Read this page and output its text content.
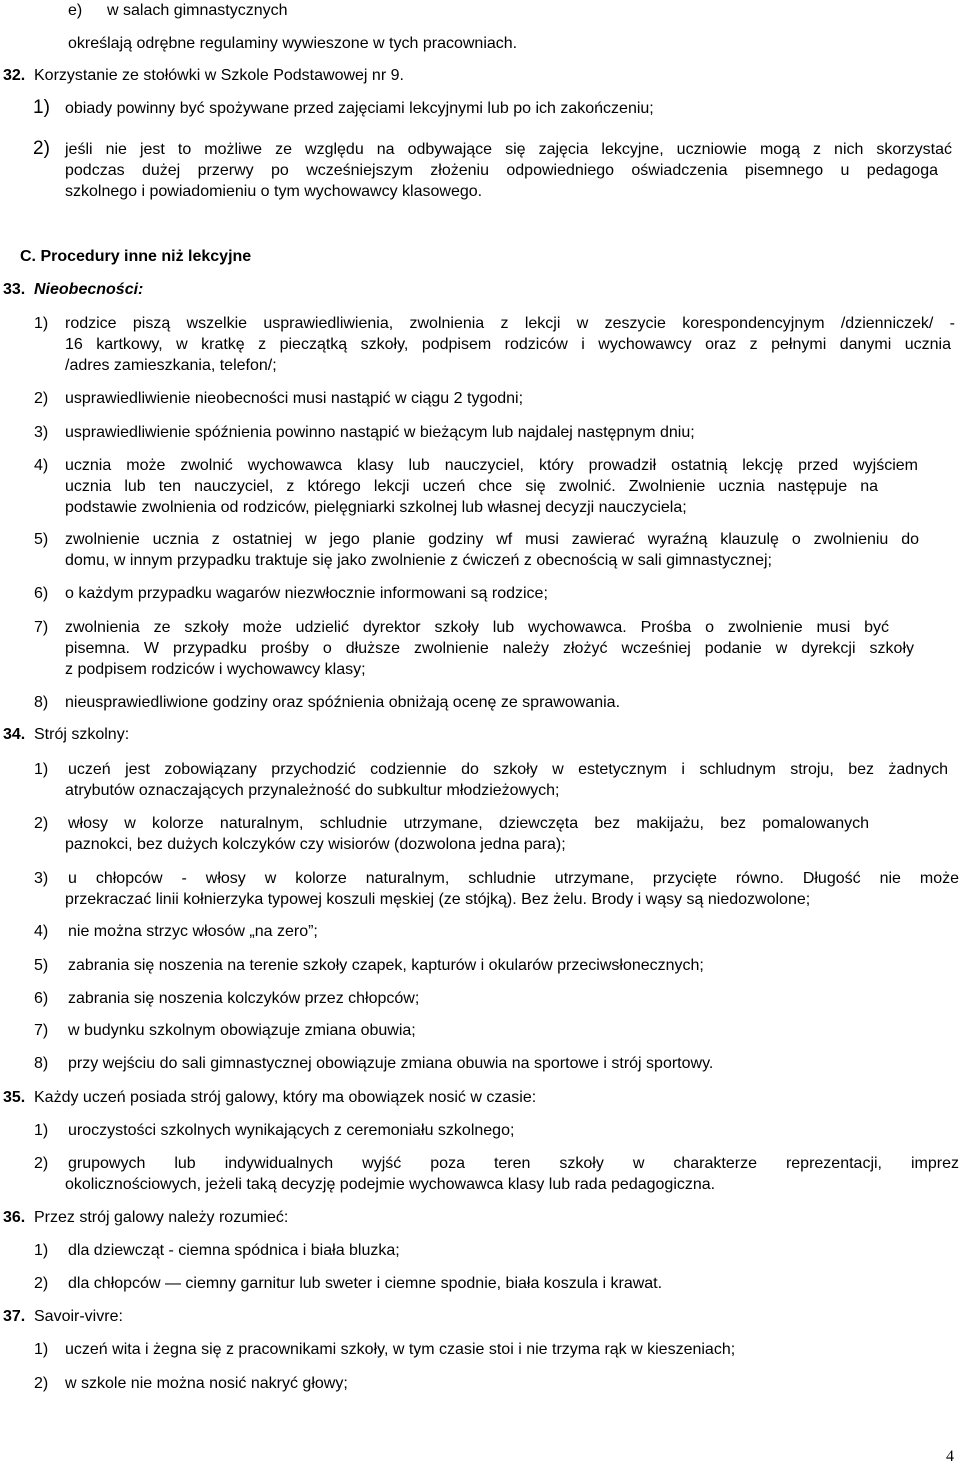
e) w salach gimnastycznych
określają odrębne regulaminy wywieszone w tych pracowniach.
32. Korzystanie ze stołówki w Szkole Podstawowej nr 9.
1) obiady powinny być spożywane przed zajęciami lekcyjnymi lub po ich zakończeniu;
2) jeśli nie jest to możliwe ze względu na odbywające się zajęcia lekcyjne, uczniowie mogą z nich skorzystać
podczas dużej przerwy po wcześniejszym złożeniu odpowiedniego oświadczenia pisemnego u pedagoga
szkolnego i powiadomieniu o tym wychowawcy klasowego.
C. Procedury inne niż lekcyjne
33. Nieobecności:
1) rodzice piszą wszelkie usprawiedliwienia, zwolnienia z lekcji w zeszycie korespondencyjnym /dzienniczek/ -
16 kartkowy, w kratkę z pieczątką szkoły, podpisem rodziców i wychowawcy oraz z pełnymi danymi ucznia
/adres zamieszkania, telefon/;
2) usprawiedliwienie nieobecności musi nastąpić w ciągu 2 tygodni;
3) usprawiedliwienie spóźnienia powinno nastąpić w bieżącym lub najdalej następnym dniu;
4) ucznia może zwolnić wychowawca klasy lub nauczyciel, który prowadził ostatnią lekcję przed wyjściem
ucznia lub ten nauczyciel, z którego lekcji uczeń chce się zwolnić. Zwolnienie ucznia następuje na
podstawie zwolnienia od rodziców, pielęgniarki szkolnej lub własnej decyzji nauczyciela;
5) zwolnienie ucznia z ostatniej w jego planie godziny wf musi zawierać wyraźną klauzulę o zwolnieniu do
domu, w innym przypadku traktuje się jako zwolnienie z ćwiczeń z obecnością w sali gimnastycznej;
6) o każdym przypadku wagarów niezwłocznie informowani są rodzice;
7) zwolnienia ze szkoły może udzielić dyrektor szkoły lub wychowawca. Prośba o zwolnienie musi być
pisemna. W przypadku prośby o dłuższe zwolnienie należy złożyć wcześniej podanie w dyrekcji szkoły
z podpisem rodziców i wychowawcy klasy;
8) nieusprawiedliwione godziny oraz spóźnienia obniżają ocenę ze sprawowania.
34. Strój szkolny:
1) uczeń jest zobowiązany przychodzić codziennie do szkoły w estetycznym i schludnym stroju, bez żadnych
atrybutów oznaczających przynależność do subkultur młodzieżowych;
2) włosy w kolorze naturalnym, schludnie utrzymane, dziewczęta bez makijażu, bez pomalowanych
paznokci, bez dużych kolczyków czy wisiorów (dozwolona jedna para);
3) u chłopców - włosy w kolorze naturalnym, schludnie utrzymane, przycięte równo. Długość nie może
przekraczać linii kołnierzyka typowej koszuli męskiej (ze stójką). Bez żelu. Brody i wąsy są niedozwolone;
4) nie można strzyc włosów „na zero”;
5) zabrania się noszenia na terenie szkoły czapek, kapturów i okularów przeciwsłonecznych;
6) zabrania się noszenia kolczyków przez chłopców;
7) w budynku szkolnym obowiązuje zmiana obuwia;
8) przy wejściu do sali gimnastycznej obowiązuje zmiana obuwia na sportowe i strój sportowy.
35. Każdy uczeń posiada strój galowy, który ma obowiązek nosić w czasie:
1) uroczystości szkolnych wynikających z ceremoniału szkolnego;
2) grupowych lub indywidualnych wyjść poza teren szkoły w charakterze reprezentacji, imprez
okolicznościowych, jeżeli taką decyzję podejmie wychowawca klasy lub rada pedagogiczna.
36. Przez strój galowy należy rozumieć:
1) dla dziewcząt - ciemna spódnica i biała bluzka;
2) dla chłopców — ciemny garnitur lub sweter i ciemne spodnie, biała koszula i krawat.
37. Savoir-vivre:
1) uczeń wita i żegna się z pracownikami szkoły, w tym czasie stoi i nie trzyma rąk w kieszeniach;
2) w szkole nie można nosić nakryć głowy;
4
